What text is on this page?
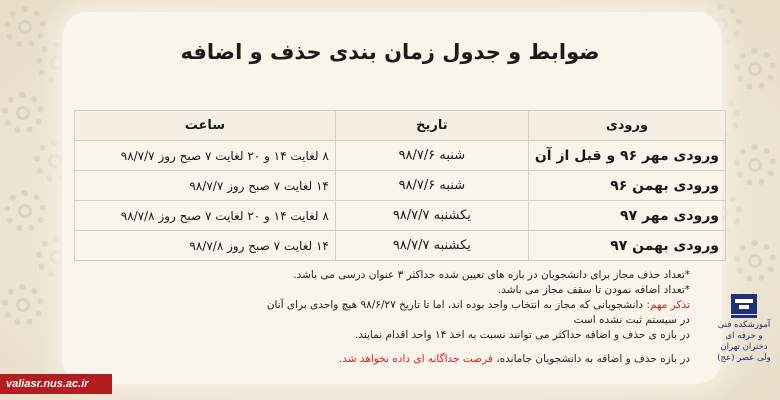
ضوابط و جدول زمان بندی حذف و اضافه
ورودی	تاریخ	ساعت
ورودی مهر ۹۶ و قبل از آن	شنبه ۹۸/۷/۶	۸ لغایت ۱۴ و ۲۰ لغایت ۷ صبح روز ۹۸/۷/۷
ورودی بهمن ۹۶	شنبه ۹۸/۷/۶	۱۴ لغایت ۷ صبح روز ۹۸/۷/۷
ورودی مهر ۹۷	یکشنبه ۹۸/۷/۷	۸ لغایت ۱۴ و ۲۰ لغایت ۷ صبح روز ۹۸/۷/۸
ورودی بهمن ۹۷	یکشنبه ۹۸/۷/۷	۱۴ لغایت ۷ صبح روز ۹۸/۷/۸

*تعداد حذف مجاز برای دانشجویان در بازه های تعیین شده حداکثر ۳ عنوان درسی می باشد.

*تعداد اضافه نمودن تا سقف مجاز می باشد.

تذکر مهم: دانشجویانی که مجاز به انتخاب واحد بوده اند، اما تا تاریخ ۹۸/۶/۲۷ هیچ واحدی برای آنان در سیستم ثبت نشده است

در بازه ی حذف و اضافه حداکثر می توانند نسبت به اخذ ۱۴ واحد اقدام نمایند.

در بازه حذف و اضافه به دانشجویان جامانده، فرصت جداگانه ای داده نخواهد شد.

آموزشکده فنی و حرفه ای دختران تهران ولی عصر (عج)
valiasr.nus.ac.ir
